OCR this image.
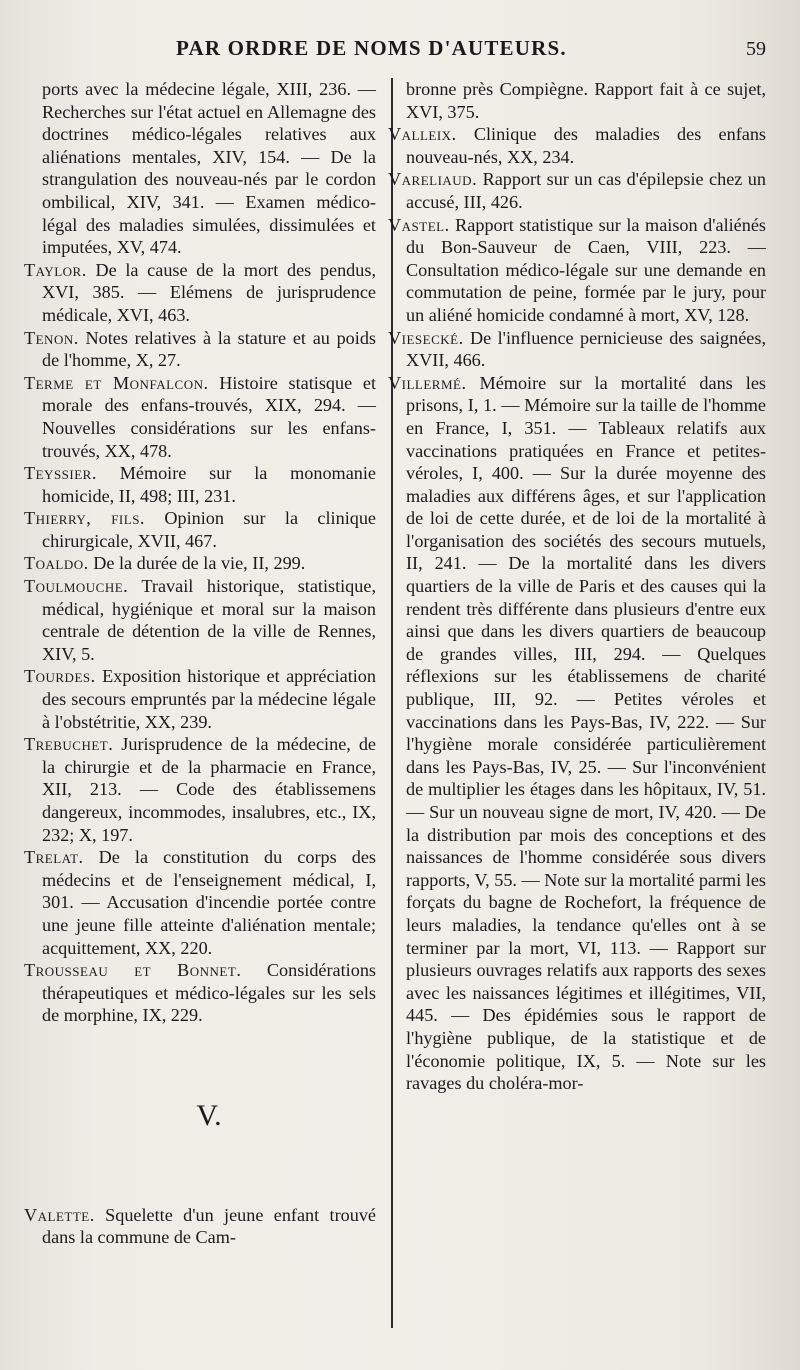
PAR ORDRE DE NOMS D'AUTEURS.	59

ports avec la médecine légale, XIII, 236. — Recherches sur l'état actuel en Allemagne des doctrines médico-légales relatives aux aliénations mentales, XIV, 154. — De la strangulation des nouveau-nés par le cordon ombilical, XIV, 341. — Examen médico-légal des maladies simulées, dissimulées et imputées, XV, 474.

Taylor. De la cause de la mort des pendus, XVI, 385. — Elémens de jurisprudence médicale, XVI, 463.

Tenon. Notes relatives à la stature et au poids de l'homme, X, 27.

Terme et Monfalcon. Histoire statisque et morale des enfans-trouvés, XIX, 294. — Nouvelles considérations sur les enfans-trouvés, XX, 478.

Teyssier. Mémoire sur la monomanie homicide, II, 498; III, 231.

Thierry, fils. Opinion sur la clinique chirurgicale, XVII, 467.

Toaldo. De la durée de la vie, II, 299.

Toulmouche. Travail historique, statistique, médical, hygiénique et moral sur la maison centrale de détention de la ville de Rennes, XIV, 5.

Tourdes. Exposition historique et appréciation des secours empruntés par la médecine légale à l'obstétritie, XX, 239.

Trebuchet. Jurisprudence de la médecine, de la chirurgie et de la pharmacie en France, XII, 213. — Code des établissemens dangereux, incommodes, insalubres, etc., IX, 232; X, 197.

Trelat. De la constitution du corps des médecins et de l'enseignement médical, I, 301. — Accusation d'incendie portée contre une jeune fille atteinte d'aliénation mentale; acquittement, XX, 220.

Trousseau et Bonnet. Considérations thérapeutiques et médico-légales sur les sels de morphine, IX, 229.

V.

Valette. Squelette d'un jeune enfant trouvé dans la commune de Cam-

bronne près Compiègne. Rapport fait à ce sujet, XVI, 375.

Valleix. Clinique des maladies des enfans nouveau-nés, XX, 234.

Vareliaud. Rapport sur un cas d'épilepsie chez un accusé, III, 426.

Vastel. Rapport statistique sur la maison d'aliénés du Bon-Sauveur de Caen, VIII, 223. — Consultation médico-légale sur une demande en commutation de peine, formée par le jury, pour un aliéné homicide condamné à mort, XV, 128.

Viesecké. De l'influence pernicieuse des saignées, XVII, 466.

Villermé. Mémoire sur la mortalité dans les prisons, I, 1. — Mémoire sur la taille de l'homme en France, I, 351. — Tableaux relatifs aux vaccinations pratiquées en France et petites-véroles, I, 400. — Sur la durée moyenne des maladies aux différens âges, et sur l'application de loi de cette durée, et de loi de la mortalité à l'organisation des sociétés des secours mutuels, II, 241. — De la mortalité dans les divers quartiers de la ville de Paris et des causes qui la rendent très différente dans plusieurs d'entre eux ainsi que dans les divers quartiers de beaucoup de grandes villes, III, 294. — Quelques réflexions sur les établissemens de charité publique, III, 92. — Petites véroles et vaccinations dans les Pays-Bas, IV, 222. — Sur l'hygiène morale considérée particulièrement dans les Pays-Bas, IV, 25. — Sur l'inconvénient de multiplier les étages dans les hôpitaux, IV, 51. — Sur un nouveau signe de mort, IV, 420. — De la distribution par mois des conceptions et des naissances de l'homme considérée sous divers rapports, V, 55. — Note sur la mortalité parmi les forçats du bagne de Rochefort, la fréquence de leurs maladies, la tendance qu'elles ont à se terminer par la mort, VI, 113. — Rapport sur plusieurs ouvrages relatifs aux rapports des sexes avec les naissances légitimes et illégitimes, VII, 445. — Des épidémies sous le rapport de l'hygiène publique, de la statistique et de l'économie politique, IX, 5. — Note sur les ravages du choléra-mor-
